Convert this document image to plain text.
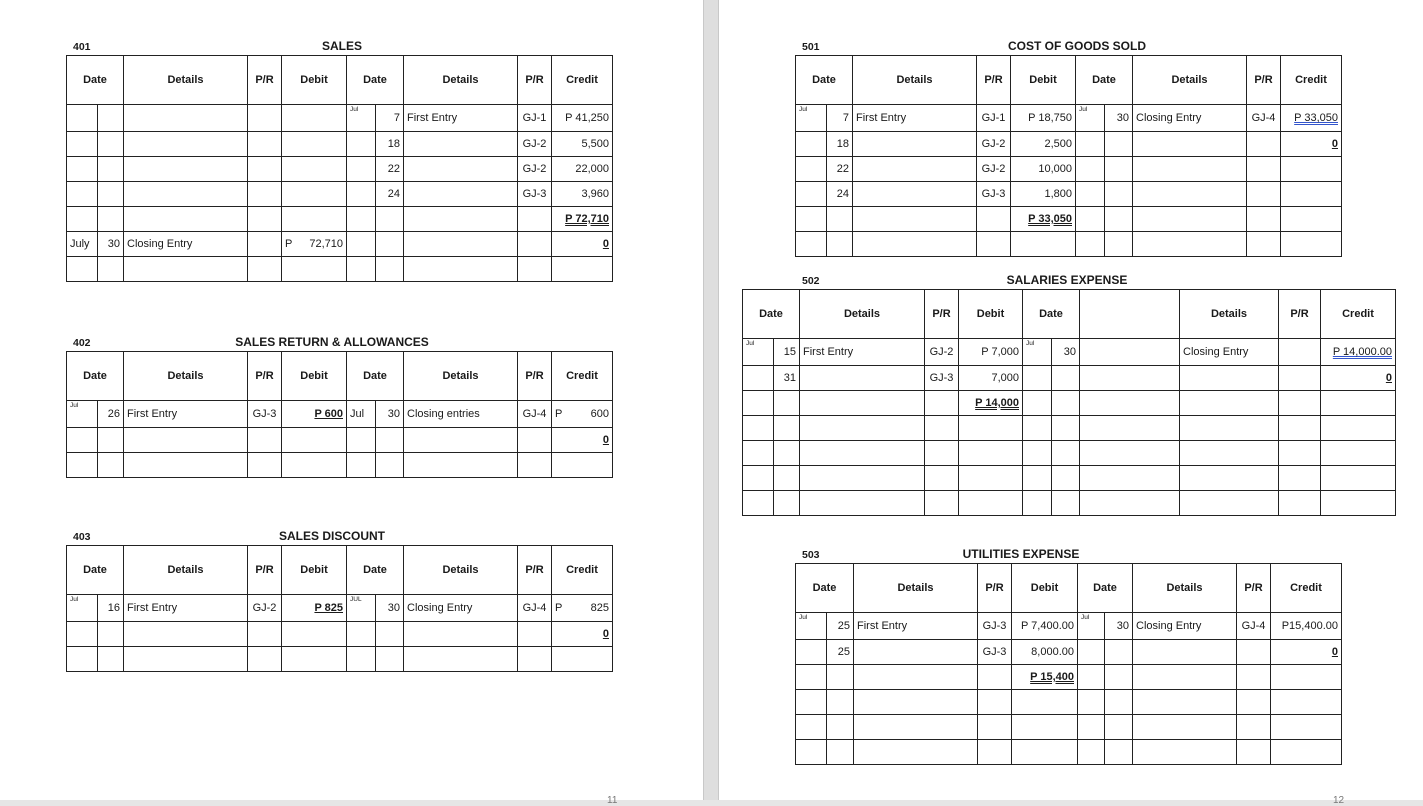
401	SALES
Date		Details	P/R	Debit	Date		Details	P/R	Credit
					Jul	7	First Entry	GJ-1	P 41,250
						18		GJ-2	5,500
						22		GJ-2	22,000
						24		GJ-3	3,960
									P 72,710
July	30	Closing Entry		P 72,710					0

402	SALES RETURN & ALLOWANCES
Date		Details	P/R	Debit	Date		Details	P/R	Credit
Jul	26	First Entry	GJ-3	P 600	Jul	30	Closing entries	GJ-4	P 600

									0

403	SALES DISCOUNT
Date		Details	P/R	Debit	Date		Details	P/R	Credit
Jul	16	First Entry	GJ-2	P 825	JUL	30	Closing Entry	GJ-4	P 825

									0

11
501	COST OF GOODS SOLD
Date		Details	P/R	Debit	Date		Details	P/R	Credit
Jul	7	First Entry	GJ-1	P 18,750	Jul	30	Closing Entry	GJ-4	P 33,050
	18		GJ-2	2,500					0
	22		GJ-2	10,000					
	24		GJ-3	1,800					
				P 33,050					

502	SALARIES EXPENSE
Date		Details	P/R	Debit	Date			Details	P/R	Credit
Jul	15	First Entry	GJ-2	P 7,000	Jul	30		Closing Entry		P 14,000.00
	31		GJ-3	7,000						0
				P 14,000						

503	UTILITIES EXPENSE
Date		Details	P/R	Debit	Date		Details	P/R	Credit
Jul	25	First Entry	GJ-3	P 7,400.00	Jul	30	Closing Entry	GJ-4	P15,400.00
	25		GJ-3	8,000.00					0
				P 15,400					

12
